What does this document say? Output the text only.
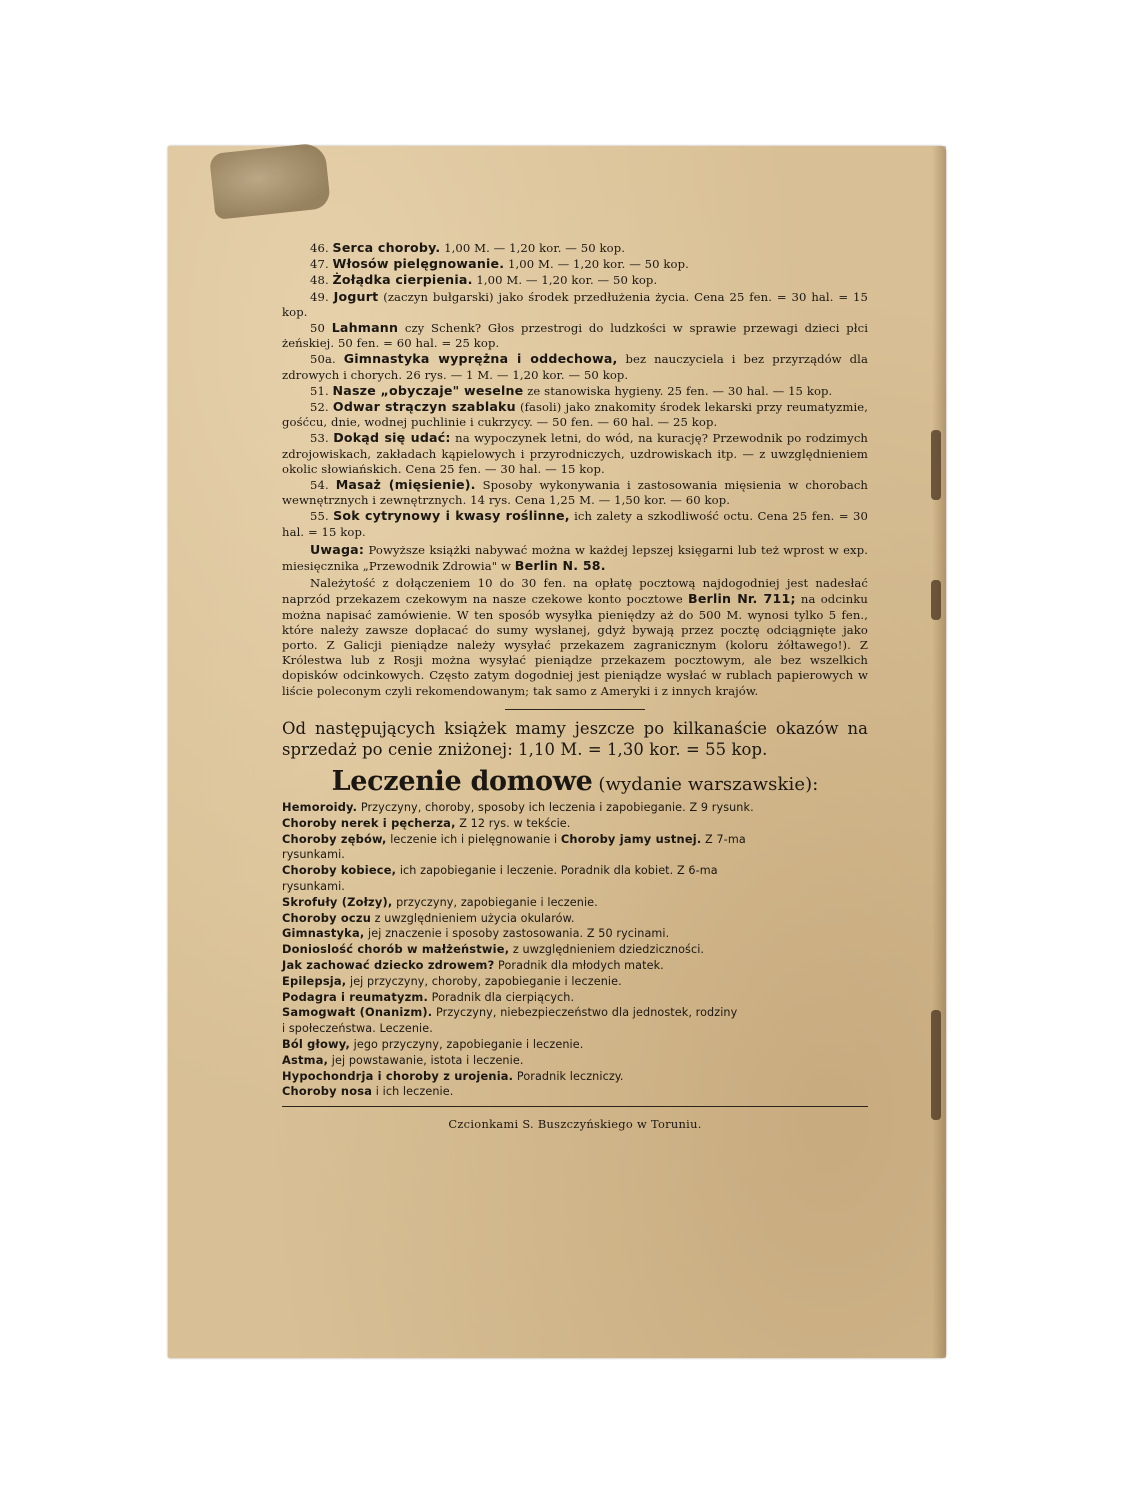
46. Serca choroby. 1,00 M. — 1,20 kor. — 50 kop.

47. Włosów pielęgnowanie. 1,00 M. — 1,20 kor. — 50 kop.

48. Żołądka cierpienia. 1,00 M. — 1,20 kor. — 50 kop.

49. Jogurt (zaczyn bułgarski) jako środek przedłużenia życia. Cena 25 fen. = 30 hal. = 15 kop.

50 Lahmann czy Schenk? Głos przestrogi do ludzkości w sprawie przewagi dzieci płci żeńskiej. 50 fen. = 60 hal. = 25 kop.

50a. Gimnastyka wyprężna i oddechowa, bez nauczyciela i bez przyrządów dla zdrowych i chorych. 26 rys. — 1 M. — 1,20 kor. — 50 kop.

51. Nasze „obyczaje" weselne ze stanowiska hygieny. 25 fen. — 30 hal. — 15 kop.

52. Odwar strączyn szablaku (fasoli) jako znakomity środek lekarski przy reumatyzmie, gośćcu, dnie, wodnej puchlinie i cukrzycy. — 50 fen. — 60 hal. — 25 kop.

53. Dokąd się udać: na wypoczynek letni, do wód, na kurację? Przewodnik po rodzimych zdrojowiskach, zakładach kąpielowych i przyrodniczych, uzdrowiskach itp. — z uwzględnieniem okolic słowiańskich. Cena 25 fen. — 30 hal. — 15 kop.

54. Masaż (mięsienie). Sposoby wykonywania i zastosowania mięsienia w chorobach wewnętrznych i zewnętrznych. 14 rys. Cena 1,25 M. — 1,50 kor. — 60 kop.

55. Sok cytrynowy i kwasy roślinne, ich zalety a szkodliwość octu. Cena 25 fen. = 30 hal. = 15 kop.

Uwaga: Powyższe książki nabywać można w każdej lepszej księgarni lub też wprost w exp. miesięcznika „Przewodnik Zdrowia" w Berlin N. 58.

Należytość z dołączeniem 10 do 30 fen. na opłatę pocztową najdogodniej jest nadesłać naprzód przekazem czekowym na nasze czekowe konto pocztowe Berlin Nr. 711; na odcinku można napisać zamówienie. W ten sposób wysyłka pieniędzy aż do 500 M. wynosi tylko 5 fen., które należy zawsze dopłacać do sumy wysłanej, gdyż bywają przez pocztę odciągnięte jako porto. Z Galicji pieniądze należy wysyłać przekazem zagranicznym (koloru żółtawego!). Z Królestwa lub z Rosji można wysyłać pieniądze przekazem pocztowym, ale bez wszelkich dopisków odcinkowych. Często zatym dogodniej jest pieniądze wysłać w rublach papierowych w liście poleconym czyli rekomendowanym; tak samo z Ameryki i z innych krajów.

Od następujących książek mamy jeszcze po kilkanaście okazów na sprzedaż po cenie zniżonej: 1,10 M. = 1,30 kor. = 55 kop.

Leczenie domowe (wydanie warszawskie):

Hemoroidy. Przyczyny, choroby, sposoby ich leczenia i zapobieganie. Z 9 rysunk.

Choroby nerek i pęcherza, Z 12 rys. w tekście.

Choroby zębów, leczenie ich i pielęgnowanie i Choroby jamy ustnej. Z 7-ma

rysunkami.

Choroby kobiece, ich zapobieganie i leczenie. Poradnik dla kobiet. Z 6-ma

rysunkami.

Skrofuły (Zołzy), przyczyny, zapobieganie i leczenie.

Choroby oczu z uwzględnieniem użycia okularów.

Gimnastyka, jej znaczenie i sposoby zastosowania. Z 50 rycinami.

Donioslość chorób w małżeństwie, z uwzględnieniem dziedziczności.

Jak zachować dziecko zdrowem? Poradnik dla młodych matek.

Epilepsja, jej przyczyny, choroby, zapobieganie i leczenie.

Podagra i reumatyzm. Poradnik dla cierpiących.

Samogwałt (Onanizm). Przyczyny, niebezpieczeństwo dla jednostek, rodziny

i społeczeństwa. Leczenie.

Ból głowy, jego przyczyny, zapobieganie i leczenie.

Astma, jej powstawanie, istota i leczenie.

Hypochondrja i choroby z urojenia. Poradnik leczniczy.

Choroby nosa i ich leczenie.

Czcionkami S. Buszczyńskiego w Toruniu.
